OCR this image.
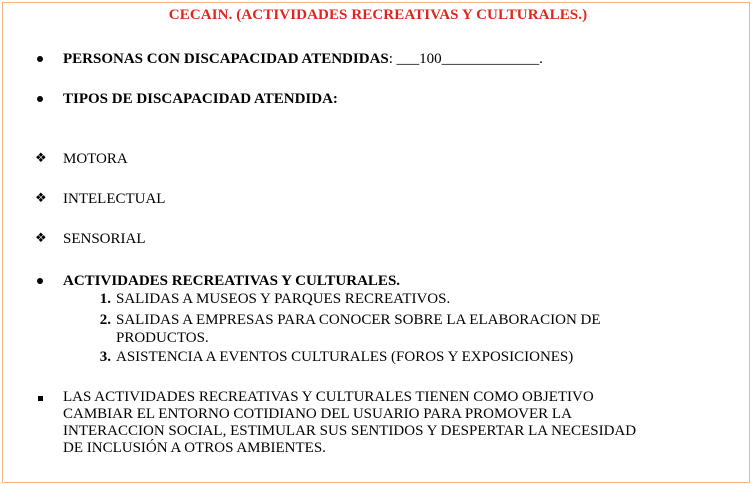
CECAIN. (ACTIVIDADES RECREATIVAS Y CULTURALES.)
PERSONAS CON DISCAPACIDAD ATENDIDAS: ___100_____________.
TIPOS DE DISCAPACIDAD ATENDIDA:
❖ MOTORA
❖ INTELECTUAL
❖ SENSORIAL
ACTIVIDADES RECREATIVAS Y CULTURALES.
1. SALIDAS A MUSEOS Y PARQUES RECREATIVOS.
2. SALIDAS A EMPRESAS PARA CONOCER SOBRE LA ELABORACION DE
PRODUCTOS.
3. ASISTENCIA A EVENTOS CULTURALES (FOROS Y EXPOSICIONES)
LAS ACTIVIDADES RECREATIVAS Y CULTURALES TIENEN COMO OBJETIVO
CAMBIAR EL ENTORNO COTIDIANO DEL USUARIO PARA PROMOVER LA
INTERACCION SOCIAL, ESTIMULAR SUS SENTIDOS Y DESPERTAR LA NECESIDAD
DE INCLUSIÓN A OTROS AMBIENTES.
